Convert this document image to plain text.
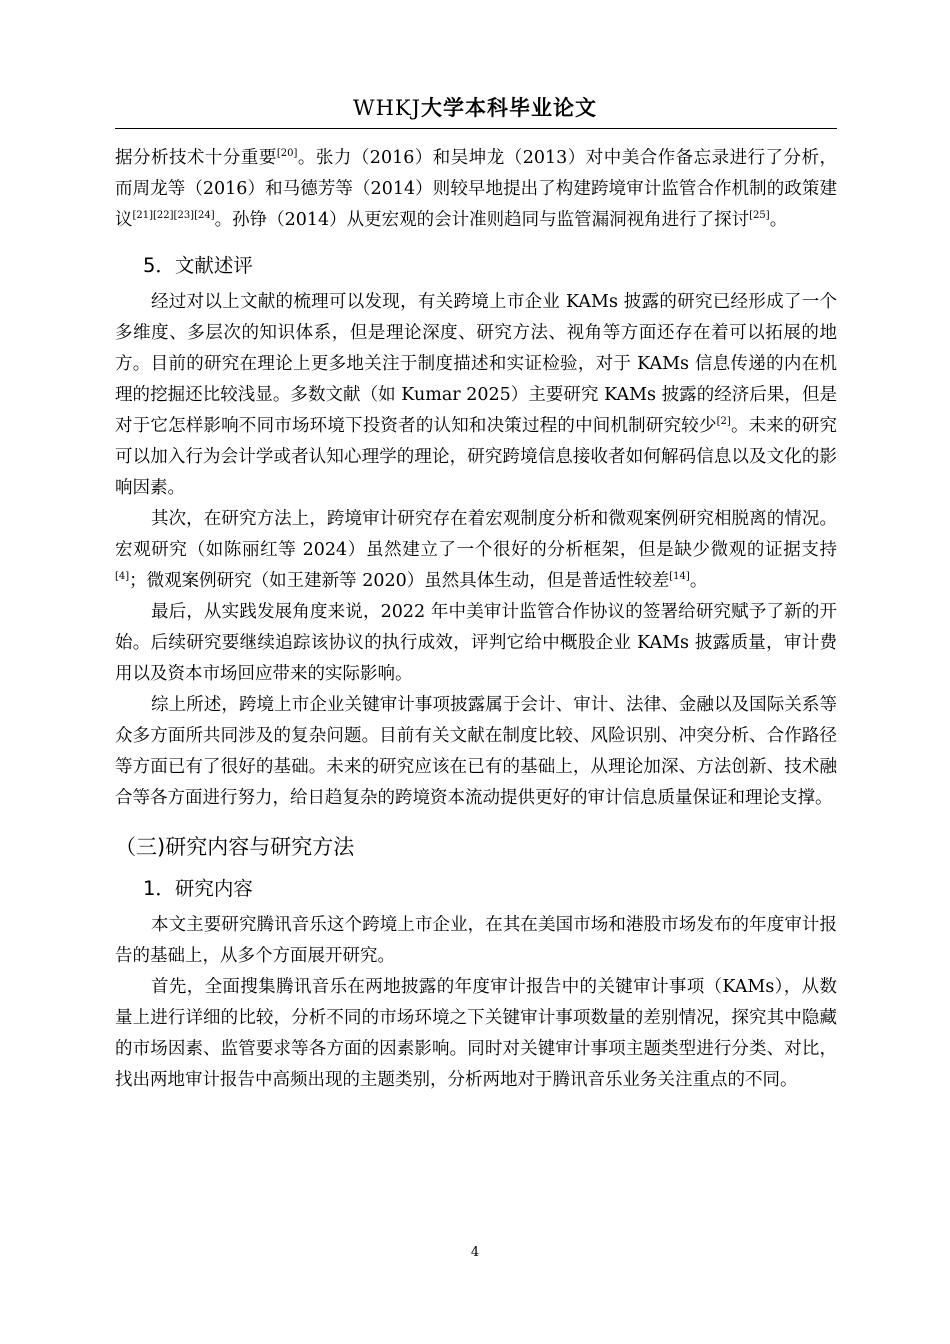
WHKJ大学本科毕业论文

据分析技术十分重要[20]。张力（2016）和吴坤龙（2013）对中美合作备忘录进行了分析，而周龙等（2016）和马德芳等（2014）则较早地提出了构建跨境审计监管合作机制的政策建议[21][22][23][24]。孙铮（2014）从更宏观的会计准则趋同与监管漏洞视角进行了探讨[25]。

5．文献述评

经过对以上文献的梳理可以发现，有关跨境上市企业 KAMs 披露的研究已经形成了一个多维度、多层次的知识体系，但是理论深度、研究方法、视角等方面还存在着可以拓展的地方。目前的研究在理论上更多地关注于制度描述和实证检验，对于 KAMs 信息传递的内在机理的挖掘还比较浅显。多数文献（如 Kumar 2025）主要研究 KAMs 披露的经济后果，但是对于它怎样影响不同市场环境下投资者的认知和决策过程的中间机制研究较少[2]。未来的研究可以加入行为会计学或者认知心理学的理论，研究跨境信息接收者如何解码信息以及文化的影响因素。

其次，在研究方法上，跨境审计研究存在着宏观制度分析和微观案例研究相脱离的情况。宏观研究（如陈丽红等 2024）虽然建立了一个很好的分析框架，但是缺少微观的证据支持[4]；微观案例研究（如王建新等 2020）虽然具体生动，但是普适性较差[14]。

最后，从实践发展角度来说，2022 年中美审计监管合作协议的签署给研究赋予了新的开始。后续研究要继续追踪该协议的执行成效，评判它给中概股企业 KAMs 披露质量，审计费用以及资本市场回应带来的实际影响。

综上所述，跨境上市企业关键审计事项披露属于会计、审计、法律、金融以及国际关系等众多方面所共同涉及的复杂问题。目前有关文献在制度比较、风险识别、冲突分析、合作路径等方面已有了很好的基础。未来的研究应该在已有的基础上，从理论加深、方法创新、技术融合等各方面进行努力，给日趋复杂的跨境资本流动提供更好的审计信息质量保证和理论支撑。

（三)研究内容与研究方法
1．研究内容

本文主要研究腾讯音乐这个跨境上市企业，在其在美国市场和港股市场发布的年度审计报告的基础上，从多个方面展开研究。

首先，全面搜集腾讯音乐在两地披露的年度审计报告中的关键审计事项（KAMs），从数量上进行详细的比较，分析不同的市场环境之下关键审计事项数量的差别情况，探究其中隐藏的市场因素、监管要求等各方面的因素影响。同时对关键审计事项主题类型进行分类、对比，找出两地审计报告中高频出现的主题类别，分析两地对于腾讯音乐业务关注重点的不同。

4
